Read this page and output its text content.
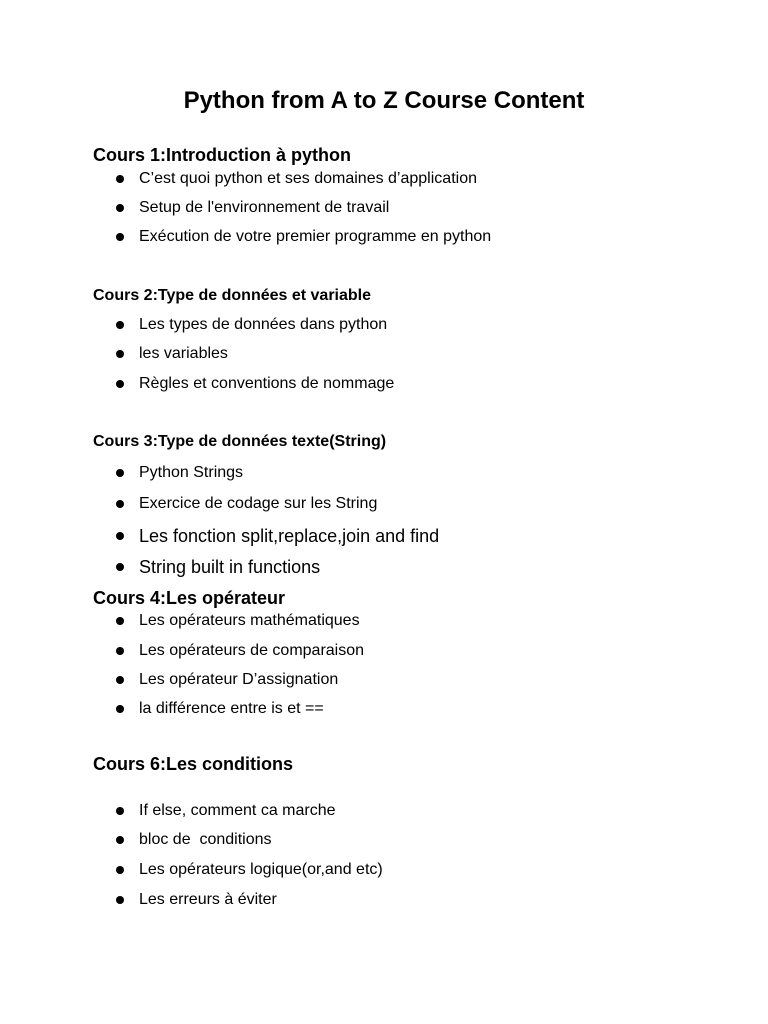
Python from A to Z Course Content
Cours 1:Introduction à python
C’est quoi python et ses domaines d’application
Setup de l'environnement de travail
Exécution de votre premier programme en python
Cours 2:Type de données et variable
Les types de données dans python
les variables
Règles et conventions de nommage
Cours 3:Type de données texte(String)
Python Strings
Exercice de codage sur les String
Les fonction split,replace,join and find
String built in functions
Cours 4:Les opérateur
Les opérateurs mathématiques
Les opérateurs de comparaison
Les opérateur D’assignation
la différence entre is et ==
Cours 6:Les conditions
If else, comment ca marche
bloc de  conditions
Les opérateurs logique(or,and etc)
Les erreurs à éviter
